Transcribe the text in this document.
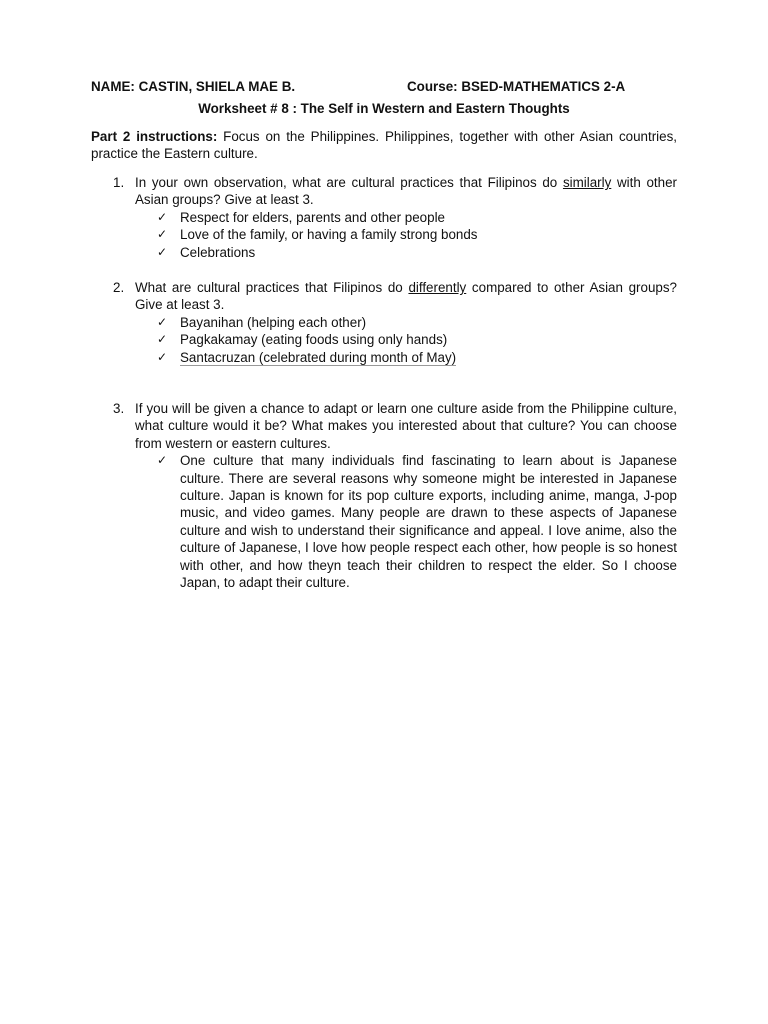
NAME: CASTIN, SHIELA MAE B.	Course: BSED-MATHEMATICS 2-A
Worksheet # 8 : The Self in Western and Eastern Thoughts
Part 2 instructions: Focus on the Philippines. Philippines, together with other Asian countries, practice the Eastern culture.
1. In your own observation, what are cultural practices that Filipinos do similarly with other Asian groups? Give at least 3.
✓ Respect for elders, parents and other people
✓ Love of the family, or having a family strong bonds
✓ Celebrations
2. What are cultural practices that Filipinos do differently compared to other Asian groups? Give at least 3.
✓ Bayanihan (helping each other)
✓ Pagkakamay (eating foods using only hands)
✓ Santacruzan (celebrated during month of May)
3. If you will be given a chance to adapt or learn one culture aside from the Philippine culture, what culture would it be? What makes you interested about that culture? You can choose from western or eastern cultures.
✓ One culture that many individuals find fascinating to learn about is Japanese culture. There are several reasons why someone might be interested in Japanese culture. Japan is known for its pop culture exports, including anime, manga, J-pop music, and video games. Many people are drawn to these aspects of Japanese culture and wish to understand their significance and appeal. I love anime, also the culture of Japanese, I love how people respect each other, how people is so honest with other, and how theyn teach their children to respect the elder. So I choose Japan, to adapt their culture.
